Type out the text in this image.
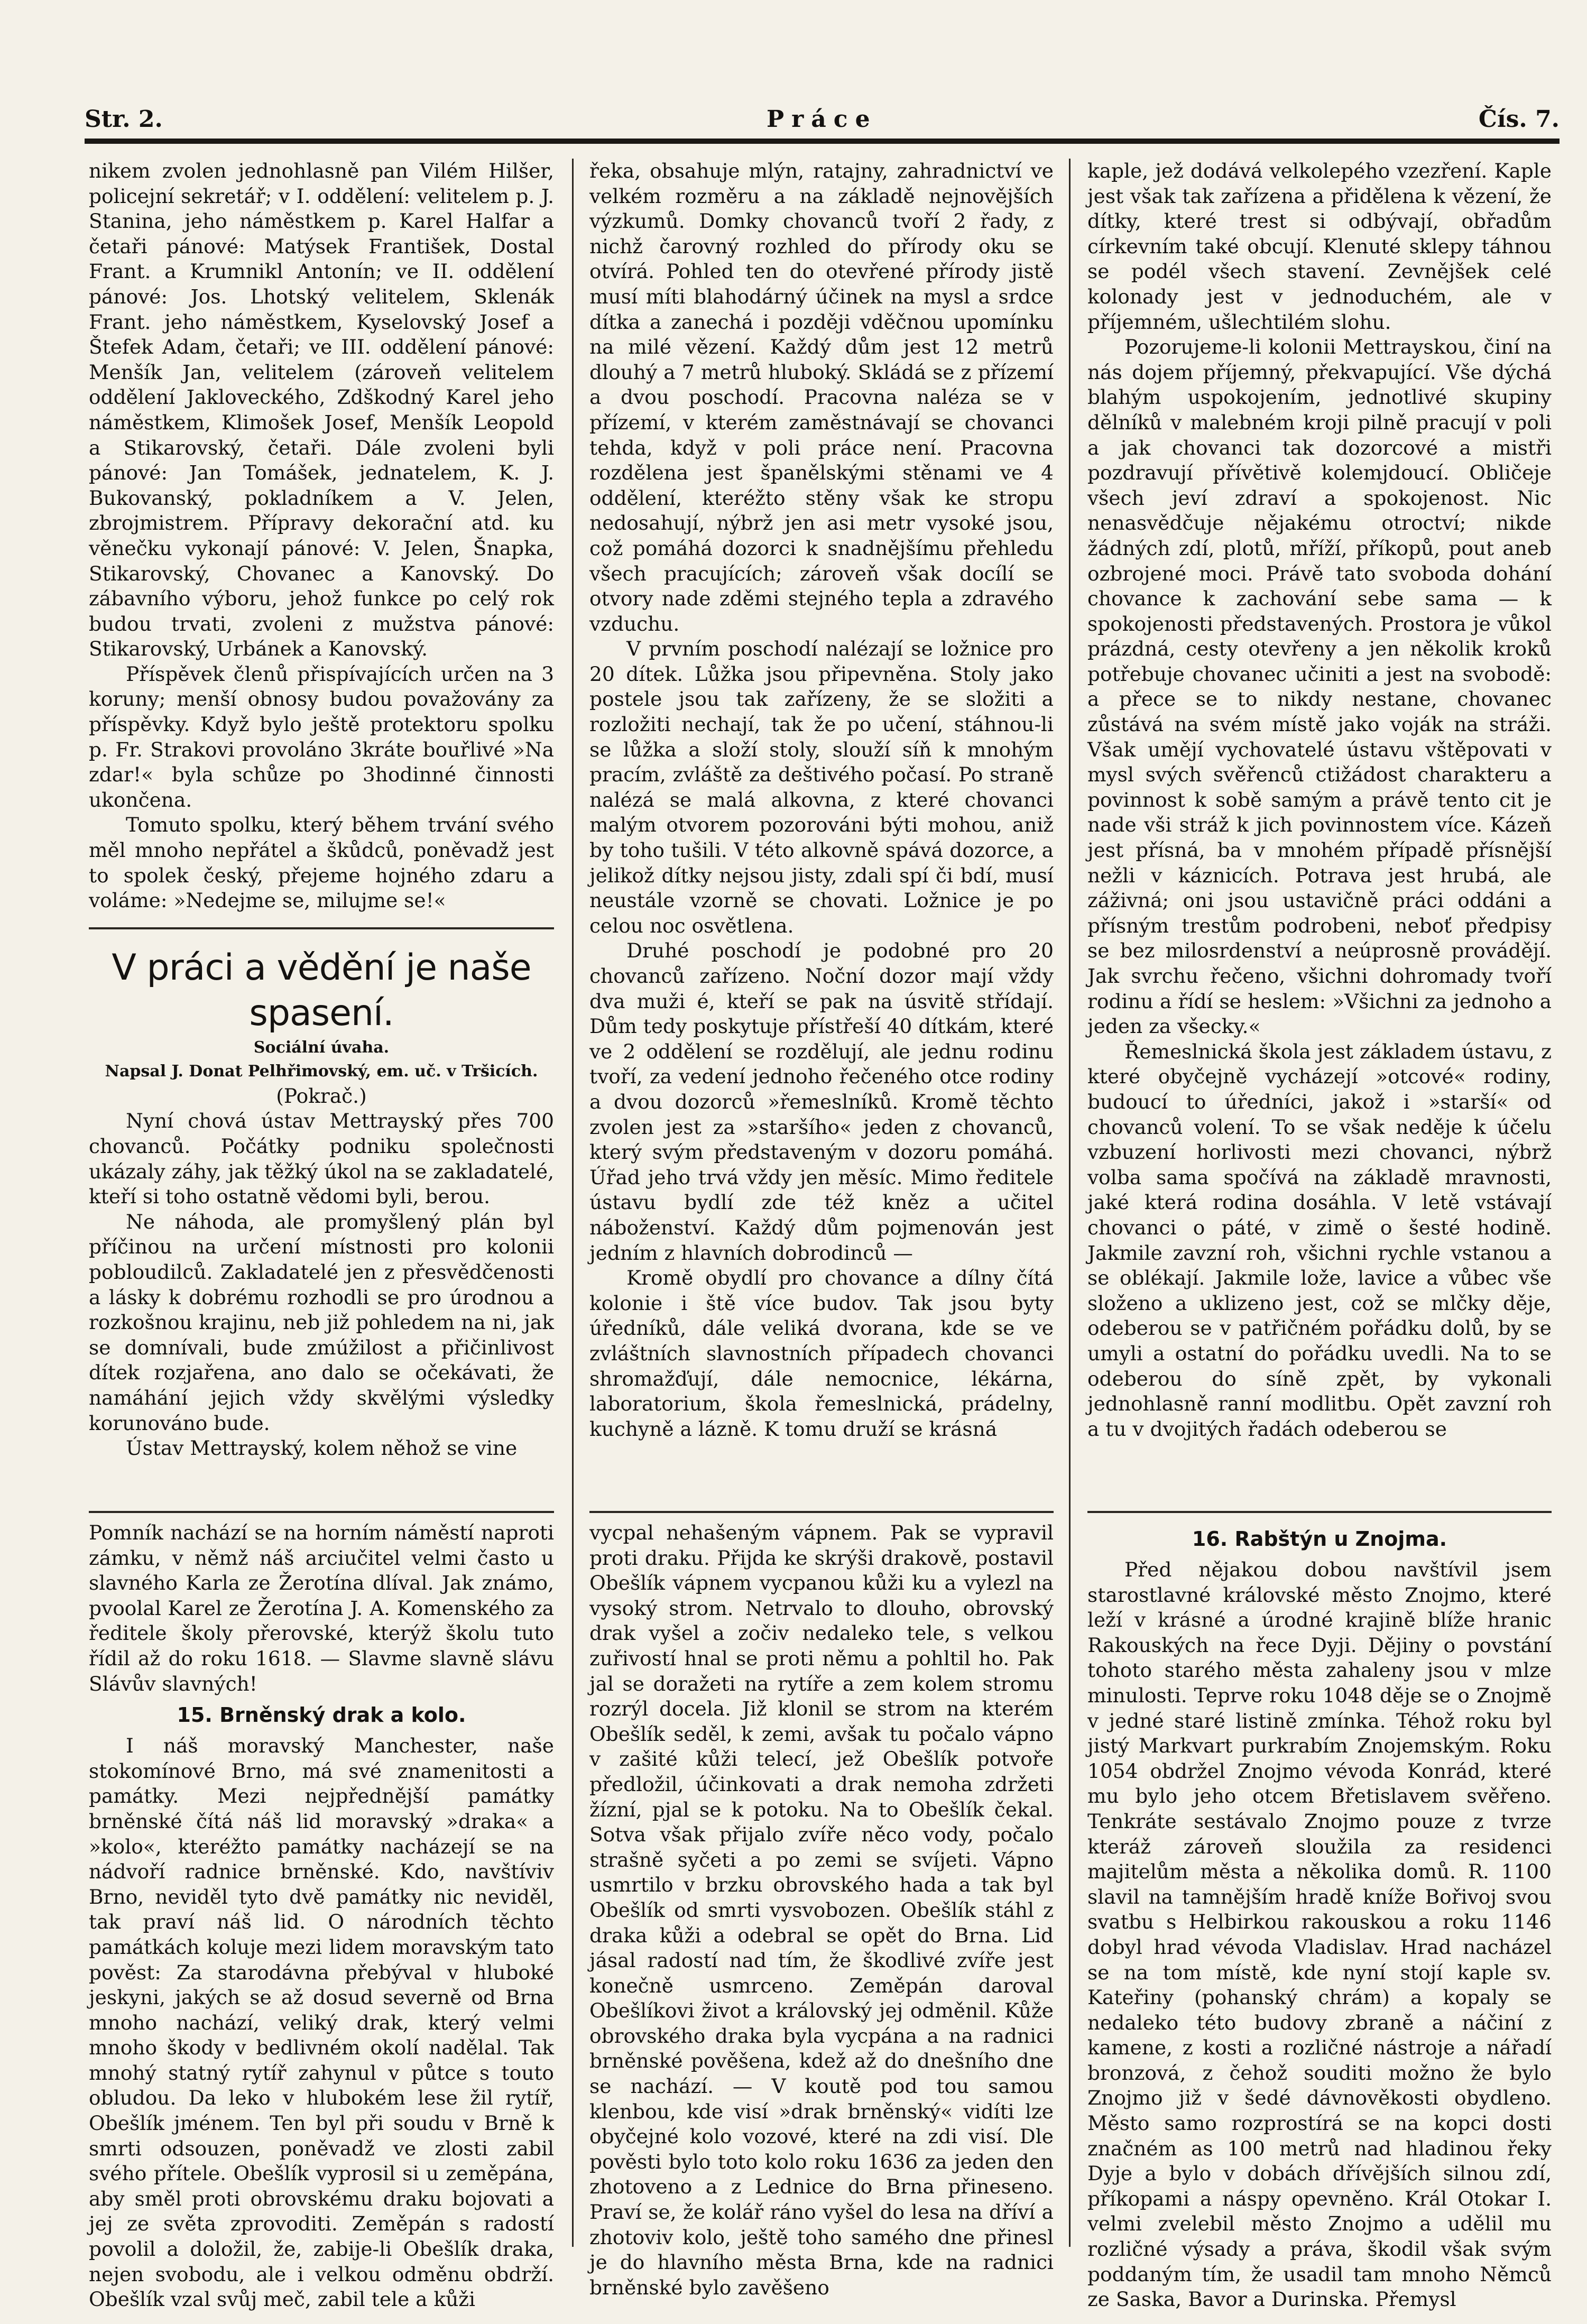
Str. 2.	Práce	Čís. 7.

nikem zvolen jednohlasně pan Vilém Hilšer, policejní sekretář; v I. oddělení: velitelem p. J. Stanina, jeho náměstkem p. Karel Halfar a četaři pánové: Matýsek František, Dostal Frant. a Krumnikl Antonín; ve II. oddělení pánové: Jos. Lhotský velitelem, Sklenák Frant. jeho náměstkem, Kyselovský Josef a Štefek Adam, četaři; ve III. oddělení pánové: Menšík Jan, velitelem (zároveň velitelem oddělení Jakloveckého, Zdškodný Karel jeho náměstkem, Klimošek Josef, Menšík Leopold a Stikarovský, četaři. Dále zvoleni byli pánové: Jan Tomášek, jednatelem, K. J. Bukovanský, pokladníkem a V. Jelen, zbrojmistrem. Přípravy dekorační atd. ku věnečku vykonají pánové: V. Jelen, Šnapka, Stikarovský, Chovanec a Kanovský. Do zábavního výboru, jehož funkce po celý rok budou trvati, zvoleni z mužstva pánové: Stikarovský, Urbánek a Kanovský.

Příspěvek členů přispívajících určen na 3 koruny; menší obnosy budou považovány za příspěvky. Když bylo ještě protektoru spolku p. Fr. Strakovi provoláno 3kráte bouřlivé »Na zdar!« byla schůze po 3hodinné činnosti ukončena.

Tomuto spolku, který během trvání svého měl mnoho nepřátel a škůdců, poněvadž jest to spolek český, přejeme hojného zdaru a voláme: »Nedejme se, milujme se!«

V práci a vědění je naše spasení.
Sociální úvaha.
Napsal J. Donat Pelhřimovský, em. uč. v Tršicích.

(Pokrač.)

Nyní chová ústav Mettrayský přes 700 chovanců. Počátky podniku společnosti ukázaly záhy, jak těžký úkol na se zakladatelé, kteří si toho ostatně vědomi byli, berou.

Ne náhoda, ale promyšlený plán byl příčinou na určení místnosti pro kolonii pobloudilců. Zakladatelé jen z přesvědčenosti a lásky k dobrému rozhodli se pro úrodnou a rozkošnou krajinu, neb již pohledem na ni, jak se domnívali, bude zmúžilost a přičinlivost dítek rozjařena, ano dalo se očekávati, že namáhání jejich vždy skvělými výsledky korunováno bude.

Ústav Mettrayský, kolem něhož se vine

řeka, obsahuje mlýn, ratajny, zahradnictví ve velkém rozměru a na základě nejnovějších výzkumů. Domky chovanců tvoří 2 řady, z nichž čarovný rozhled do přírody oku se otvírá. Pohled ten do otevřené přírody jistě musí míti blahodárný účinek na mysl a srdce dítka a zanechá i později vděčnou upomínku na milé vězení. Každý dům jest 12 metrů dlouhý a 7 metrů hluboký. Skládá se z přízemí a dvou poschodí. Pracovna naléza se v přízemí, v kterém zaměstnávají se chovanci tehda, když v poli práce není. Pracovna rozdělena jest španělskými stěnami ve 4 oddělení, kteréžto stěny však ke stropu nedosahují, nýbrž jen asi metr vysoké jsou, což pomáhá dozorci k snadnějšímu přehledu všech pracujících; zároveň však docílí se otvory nade zděmi stejného tepla a zdravého vzduchu.

V prvním poschodí nalézají se ložnice pro 20 dítek. Lůžka jsou připevněna. Stoly jako postele jsou tak zařízeny, že se složiti a rozložiti nechají, tak že po učení, stáhnou-li se lůžka a složí stoly, slouží síň k mnohým pracím, zvláště za deštivého počasí. Po straně nalézá se malá alkovna, z které chovanci malým otvorem pozorováni býti mohou, aniž by toho tušili. V této alkovně spává dozorce, a jelikož dítky nejsou jisty, zdali spí či bdí, musí neustále vzorně se chovati. Ložnice je po celou noc osvětlena.

Druhé poschodí je podobné pro 20 chovanců zařízeno. Noční dozor mají vždy dva muži é, kteří se pak na úsvitě střídají. Dům tedy poskytuje přístřeší 40 dítkám, které ve 2 oddělení se rozdělují, ale jednu rodinu tvoří, za vedení jednoho řečeného otce rodiny a dvou dozorců »řemeslníků. Kromě těchto zvolen jest za »staršího« jeden z chovanců, který svým představeným v dozoru pomáhá. Úřad jeho trvá vždy jen měsíc. Mimo ředitele ústavu bydlí zde též kněz a učitel náboženství. Každý dům pojmenován jest jedním z hlavních dobrodinců —

Kromě obydlí pro chovance a dílny čítá kolonie i ště více budov. Tak jsou byty úředníků, dále veliká dvorana, kde se ve zvláštních slavnostních případech chovanci shromažďují, dále nemocnice, lékárna, laboratorium, škola řemeslnická, prádelny, kuchyně a lázně. K tomu druží se krásná

kaple, jež dodává velkolepého vzezření. Kaple jest však tak zařízena a přidělena k vězení, že dítky, které trest si odbývají, obřadům církevním také obcují. Klenuté sklepy táhnou se podél všech stavení. Zevnějšek celé kolonady jest v jednoduchém, ale v příjemném, ušlechtilém slohu.

Pozorujeme-li kolonii Mettrayskou, činí na nás dojem příjemný, překvapující. Vše dýchá blahým uspokojením, jednotlivé skupiny dělníků v malebném kroji pilně pracují v poli a jak chovanci tak dozorcové a mistři pozdravují přívětivě kolemjdoucí. Obličeje všech jeví zdraví a spokojenost. Nic nenasvědčuje nějakému otroctví; nikde žádných zdí, plotů, mříží, příkopů, pout aneb ozbrojené moci. Právě tato svoboda dohání chovance k zachování sebe sama — k spokojenosti představených. Prostora je vůkol prázdná, cesty otevřeny a jen několik kroků potřebuje chovanec učiniti a jest na svobodě: a přece se to nikdy nestane, chovanec zůstává na svém místě jako voják na stráži. Však umějí vychovatelé ústavu vštěpovati v mysl svých svěřenců ctižádost charakteru a povinnost k sobě samým a právě tento cit je nade vši stráž k jich povinnostem více. Kázeň jest přísná, ba v mnohém případě přísnější nežli v káznicích. Potrava jest hrubá, ale záživná; oni jsou ustavičně práci oddáni a přísným trestům podrobeni, neboť předpisy se bez milosrdenství a neúprosně provádějí. Jak svrchu řečeno, všichni dohromady tvoří rodinu a řídí se heslem: »Všichni za jednoho a jeden za všecky.«

Řemeslnická škola jest základem ústavu, z které obyčejně vycházejí »otcové« rodiny, budoucí to úředníci, jakož i »starší« od chovanců volení. To se však neděje k účelu vzbuzení horlivosti mezi chovanci, nýbrž volba sama spočívá na základě mravnosti, jaké která rodina dosáhla. V letě vstávají chovanci o páté, v zimě o šesté hodině. Jakmile zavzní roh, všichni rychle vstanou a se oblékají. Jakmile lože, lavice a vůbec vše složeno a uklizeno jest, což se mlčky děje, odeberou se v patřičném pořádku dolů, by se umyli a ostatní do pořádku uvedli. Na to se odeberou do síně zpět, by vykonali jednohlasně ranní modlitbu. Opět zavzní roh a tu v dvojitých řadách odeberou se

Pomník nachází se na horním náměstí naproti zámku, v němž náš arciučitel velmi často u slavného Karla ze Žerotína dlíval. Jak známo, pvoolal Karel ze Žerotína J. A. Komenského za ředitele školy přerovské, kterýž školu tuto řídil až do roku 1618. — Slavme slavně slávu Slávův slavných!

15. Brněnský drak a kolo.

I náš moravský Manchester, naše stokomínové Brno, má své znamenitosti a památky. Mezi nejpřednější památky brněnské čítá náš lid moravský »draka« a »kolo«, kteréžto památky nacházejí se na nádvoří radnice brněnské. Kdo, navštíviv Brno, neviděl tyto dvě památky nic neviděl, tak praví náš lid. O národních těchto památkách koluje mezi lidem moravským tato pověst: Za starodávna přebýval v hluboké jeskyni, jakých se až dosud severně od Brna mnoho nachází, veliký drak, který velmi mnoho škody v bedlivném okolí nadělal. Tak mnohý statný rytíř zahynul v půtce s touto obludou. Da leko v hlubokém lese žil rytíř, Obešlík jménem. Ten byl při soudu v Brně k smrti odsouzen, poněvadž ve zlosti zabil svého přítele. Obešlík vyprosil si u zeměpána, aby směl proti obrovskému draku bojovati a jej ze světa zprovoditi. Zeměpán s radostí povolil a doložil, že, zabije-li Obešlík draka, nejen svobodu, ale i velkou odměnu obdrží. Obešlík vzal svůj meč, zabil tele a kůži

vycpal nehašeným vápnem. Pak se vypravil proti draku. Přijda ke skrýši drakově, postavil Obešlík vápnem vycpanou kůži ku a vylezl na vysoký strom. Netrvalo to dlouho, obrovský drak vyšel a zočiv nedaleko tele, s velkou zuřivostí hnal se proti němu a pohltil ho. Pak jal se doražeti na rytíře a zem kolem stromu rozrýl docela. Již klonil se strom na kterém Obešlík seděl, k zemi, avšak tu počalo vápno v zašité kůži telecí, jež Obešlík potvoře předložil, účinkovati a drak nemoha zdržeti žízní, pjal se k potoku. Na to Obešlík čekal. Sotva však přijalo zvíře něco vody, počalo strašně syčeti a po zemi se svíjeti. Vápno usmrtilo v brzku obrovského hada a tak byl Obešlík od smrti vysvobozen. Obešlík stáhl z draka kůži a odebral se opět do Brna. Lid jásal radostí nad tím, že škodlivé zvíře jest konečně usmrceno. Zeměpán daroval Obešlíkovi život a královský jej odměnil. Kůže obrovského draka byla vycpána a na radnici brněnské pověšena, kdež až do dnešního dne se nachází. — V koutě pod tou samou klenbou, kde visí »drak brněnský« vidíti lze obyčejné kolo vozové, které na zdi visí. Dle pověsti bylo toto kolo roku 1636 za jeden den zhotoveno a z Lednice do Brna přineseno. Praví se, že kolář ráno vyšel do lesa na dříví a zhotoviv kolo, ještě toho samého dne přinesl je do hlavního města Brna, kde na radnici brněnské bylo zavěšeno

16. Rabštýn u Znojma.

Před nějakou dobou navštívil jsem starostlavné královské město Znojmo, které leží v krásné a úrodné krajině blíže hranic Rakouských na řece Dyji. Dějiny o povstání tohoto starého města zahaleny jsou v mlze minulosti. Teprve roku 1048 děje se o Znojmě v jedné staré listině zmínka. Téhož roku byl jistý Markvart purkrabím Znojemským. Roku 1054 obdržel Znojmo vévoda Konrád, které mu bylo jeho otcem Břetislavem svěřeno. Tenkráte sestávalo Znojmo pouze z tvrze kteráž zároveň sloužila za residenci majitelům města a několika domů. R. 1100 slavil na tamnějším hradě kníže Bořivoj svou svatbu s Helbirkou rakouskou a roku 1146 dobyl hrad vévoda Vladislav. Hrad nacházel se na tom místě, kde nyní stojí kaple sv. Kateřiny (pohanský chrám) a kopaly se nedaleko této budovy zbraně a náčiní z kamene, z kosti a rozličné nástroje a nářadí bronzová, z čehož souditi možno že bylo Znojmo již v šedé dávnověkosti obydleno. Město samo rozprostírá se na kopci dosti značném as 100 metrů nad hladinou řeky Dyje a bylo v dobách dřívějších silnou zdí, příkopami a náspy opevněno. Král Otokar I. velmi zvelebil město Znojmo a udělil mu rozličné výsady a práva, škodil však svým poddaným tím, že usadil tam mnoho Němců ze Saska, Bavor a Durinska. Přemysl
